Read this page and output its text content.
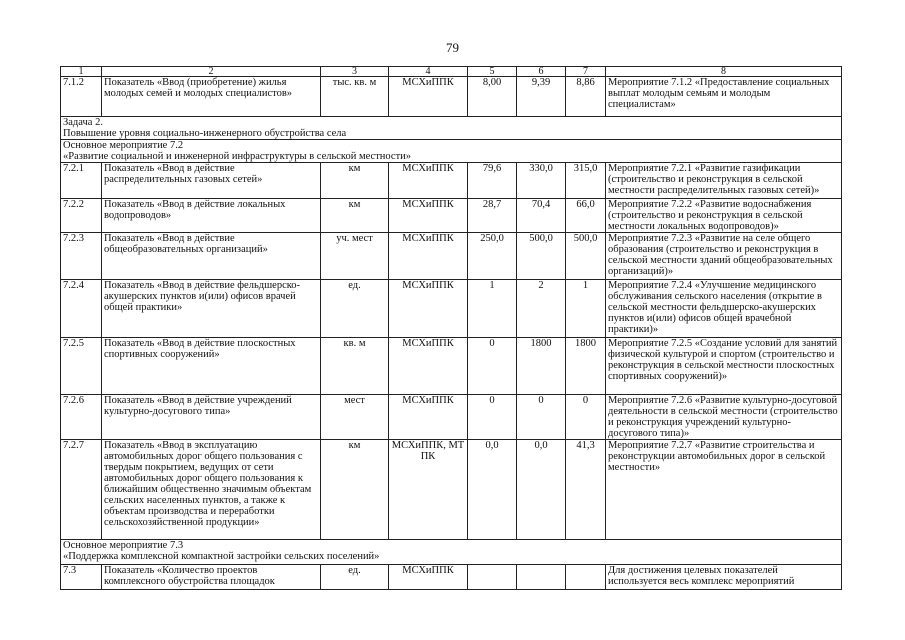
79
1	2	3	4	5	6	7	8
7.1.2	Показатель «Ввод (приобретение) жилья молодых семей и молодых специалистов»	тыс. кв. м	МСХиППК	8,00	9,39	8,86	Мероприятие 7.1.2 «Предоставление социальных выплат молодым семьям и молодым специалистам»

Задача 2.
Повышение уровня социально-инженерного обустройства села							

Основное мероприятие 7.2
«Развитие социальной и инженерной инфраструктуры в сельской местности»							

7.2.1	Показатель «Ввод в действие распределительных газовых сетей»	км	МСХиППК	79,6	330,0	315,0	Мероприятие 7.2.1 «Развитие газификации (строительство и реконструкция в сельской местности распределительных газовых сетей)»
7.2.2	Показатель «Ввод в действие локальных водопроводов»	км	МСХиППК	28,7	70,4	66,0	Мероприятие 7.2.2 «Развитие водоснабжения (строительство и реконструкция в сельской местности локальных водопроводов)»
7.2.3	Показатель «Ввод в действие общеобразовательных организаций»	уч. мест	МСХиППК	250,0	500,0	500,0	Мероприятие 7.2.3 «Развитие на селе общего образования (строительство и реконструкция в сельской местности зданий общеобразовательных организаций)»
7.2.4	Показатель «Ввод в действие фельдшерско-акушерских пунктов и(или) офисов врачей общей практики»	ед.	МСХиППК	1	2	1	Мероприятие 7.2.4 «Улучшение медицинского обслуживания сельского населения (открытие в сельской местности фельдшерско-акушерских пунктов и(или) офисов общей врачебной практики)»
7.2.5	Показатель «Ввод в действие плоскостных спортивных сооружений»	кв. м	МСХиППК	0	1800	1800	Мероприятие 7.2.5 «Создание условий для занятий физической культурой и спортом (строительство и реконструкция в сельской местности плоскостных спортивных сооружений)»
7.2.6	Показатель «Ввод в действие учреждений культурно-досугового типа»	мест	МСХиППК	0	0	0	Мероприятие 7.2.6 «Развитие культурно-досуговой деятельности в сельской местности (строительство и реконструкция учреждений культурно-досугового типа)»
7.2.7	Показатель «Ввод в эксплуатацию автомобильных дорог общего пользования с твердым покрытием, ведущих от сети автомобильных дорог общего пользования к ближайшим общественно значимым объектам сельских населенных пунктов, а также к объектам производства и переработки сельскохозяйственной продукции»	км	МСХиППК, МТ ПК	0,0	0,0	41,3	Мероприятие 7.2.7 «Развитие строительства и реконструкции автомобильных дорог в сельской местности»

Основное мероприятие 7.3
«Поддержка комплексной компактной застройки сельских поселений»							

7.3	Показатель «Количество проектов комплексного обустройства площадок	ед.	МСХиППК				Для достижения целевых показателей используется весь комплекс мероприятий
